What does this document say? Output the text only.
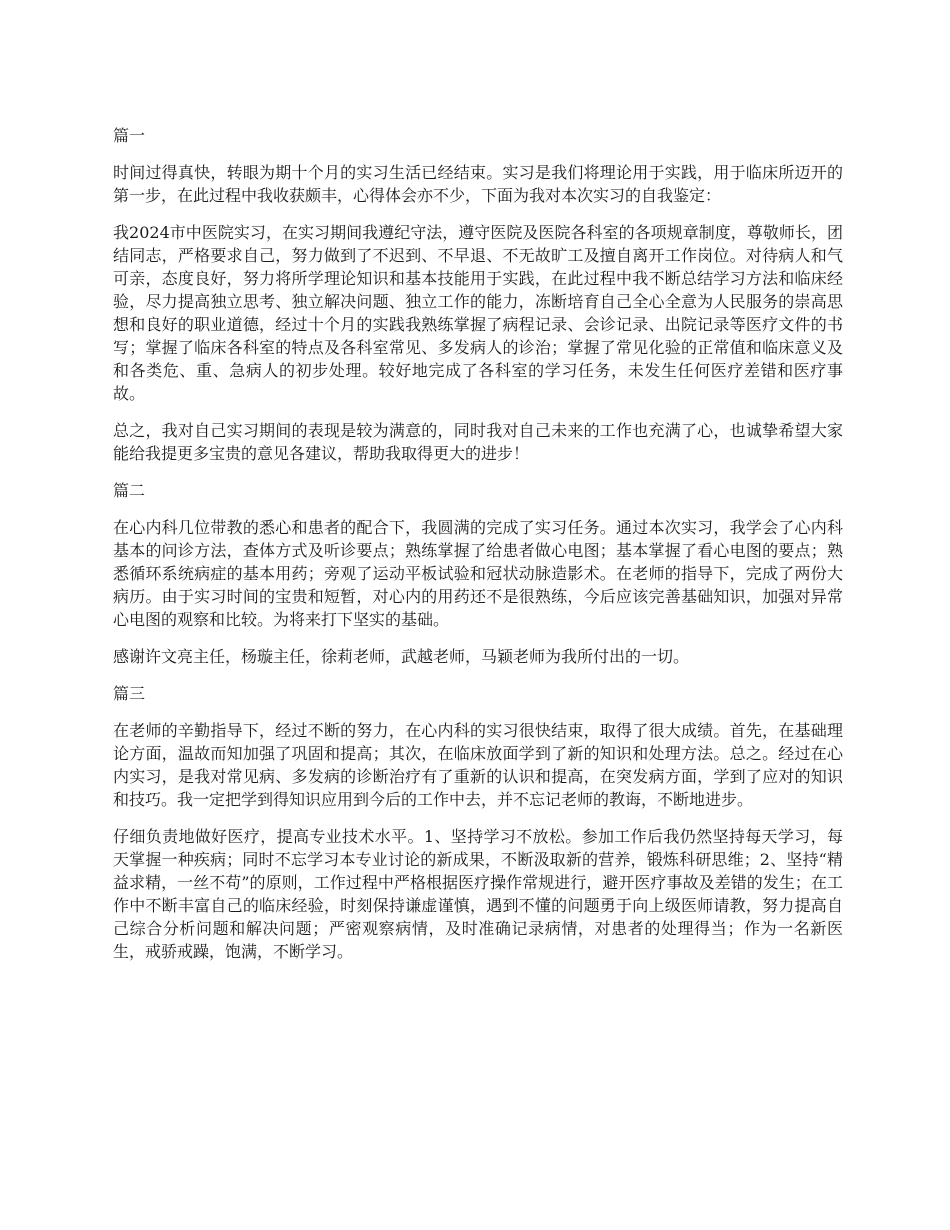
篇一

时间过得真快，转眼为期十个月的实习生活已经结束。实习是我们将理论用于实践，用于临床所迈开的第一步，在此过程中我收获颇丰，心得体会亦不少，下面为我对本次实习的自我鉴定：

我2024市中医院实习，在实习期间我遵纪守法，遵守医院及医院各科室的各项规章制度，尊敬师长，团结同志，严格要求自己，努力做到了不迟到、不早退、不无故旷工及擅自离开工作岗位。对待病人和气可亲，态度良好，努力将所学理论知识和基本技能用于实践，在此过程中我不断总结学习方法和临床经验，尽力提高独立思考、独立解决问题、独立工作的能力，冻断培育自己全心全意为人民服务的崇高思想和良好的职业道德，经过十个月的实践我熟练掌握了病程记录、会诊记录、出院记录等医疗文件的书写；掌握了临床各科室的特点及各科室常见、多发病人的诊治；掌握了常见化验的正常值和临床意义及和各类危、重、急病人的初步处理。较好地完成了各科室的学习任务，未发生任何医疗差错和医疗事故。

总之，我对自己实习期间的表现是较为满意的，同时我对自己未来的工作也充满了心，也诚挚希望大家能给我提更多宝贵的意见各建议，帮助我取得更大的进步！

篇二

在心内科几位带教的悉心和患者的配合下，我圆满的完成了实习任务。通过本次实习，我学会了心内科基本的问诊方法，查体方式及听诊要点；熟练掌握了给患者做心电图；基本掌握了看心电图的要点；熟悉循环系统病症的基本用药；旁观了运动平板试验和冠状动脉造影术。在老师的指导下，完成了两份大病历。由于实习时间的宝贵和短暂，对心内的用药还不是很熟练，今后应该完善基础知识，加强对异常心电图的观察和比较。为将来打下坚实的基础。

感谢许文亮主任，杨璇主任，徐莉老师，武越老师，马颖老师为我所付出的一切。

篇三

在老师的辛勤指导下，经过不断的努力，在心内科的实习很快结束，取得了很大成绩。首先，在基础理论方面，温故而知加强了巩固和提高；其次，在临床放面学到了新的知识和处理方法。总之。经过在心内实习，是我对常见病、多发病的诊断治疗有了重新的认识和提高，在突发病方面，学到了应对的知识和技巧。我一定把学到得知识应用到今后的工作中去，并不忘记老师的教诲，不断地进步。

仔细负责地做好医疗，提高专业技术水平。1、坚持学习不放松。参加工作后我仍然坚持每天学习，每天掌握一种疾病；同时不忘学习本专业讨论的新成果，不断汲取新的营养，锻炼科研思维；2、坚持“精益求精，一丝不苟”的原则，工作过程中严格根据医疗操作常规进行，避开医疗事故及差错的发生；在工作中不断丰富自己的临床经验，时刻保持谦虚谨慎，遇到不懂的问题勇于向上级医师请教，努力提高自己综合分析问题和解决问题；严密观察病情，及时准确记录病情，对患者的处理得当；作为一名新医生，戒骄戒躁，饱满，不断学习。
